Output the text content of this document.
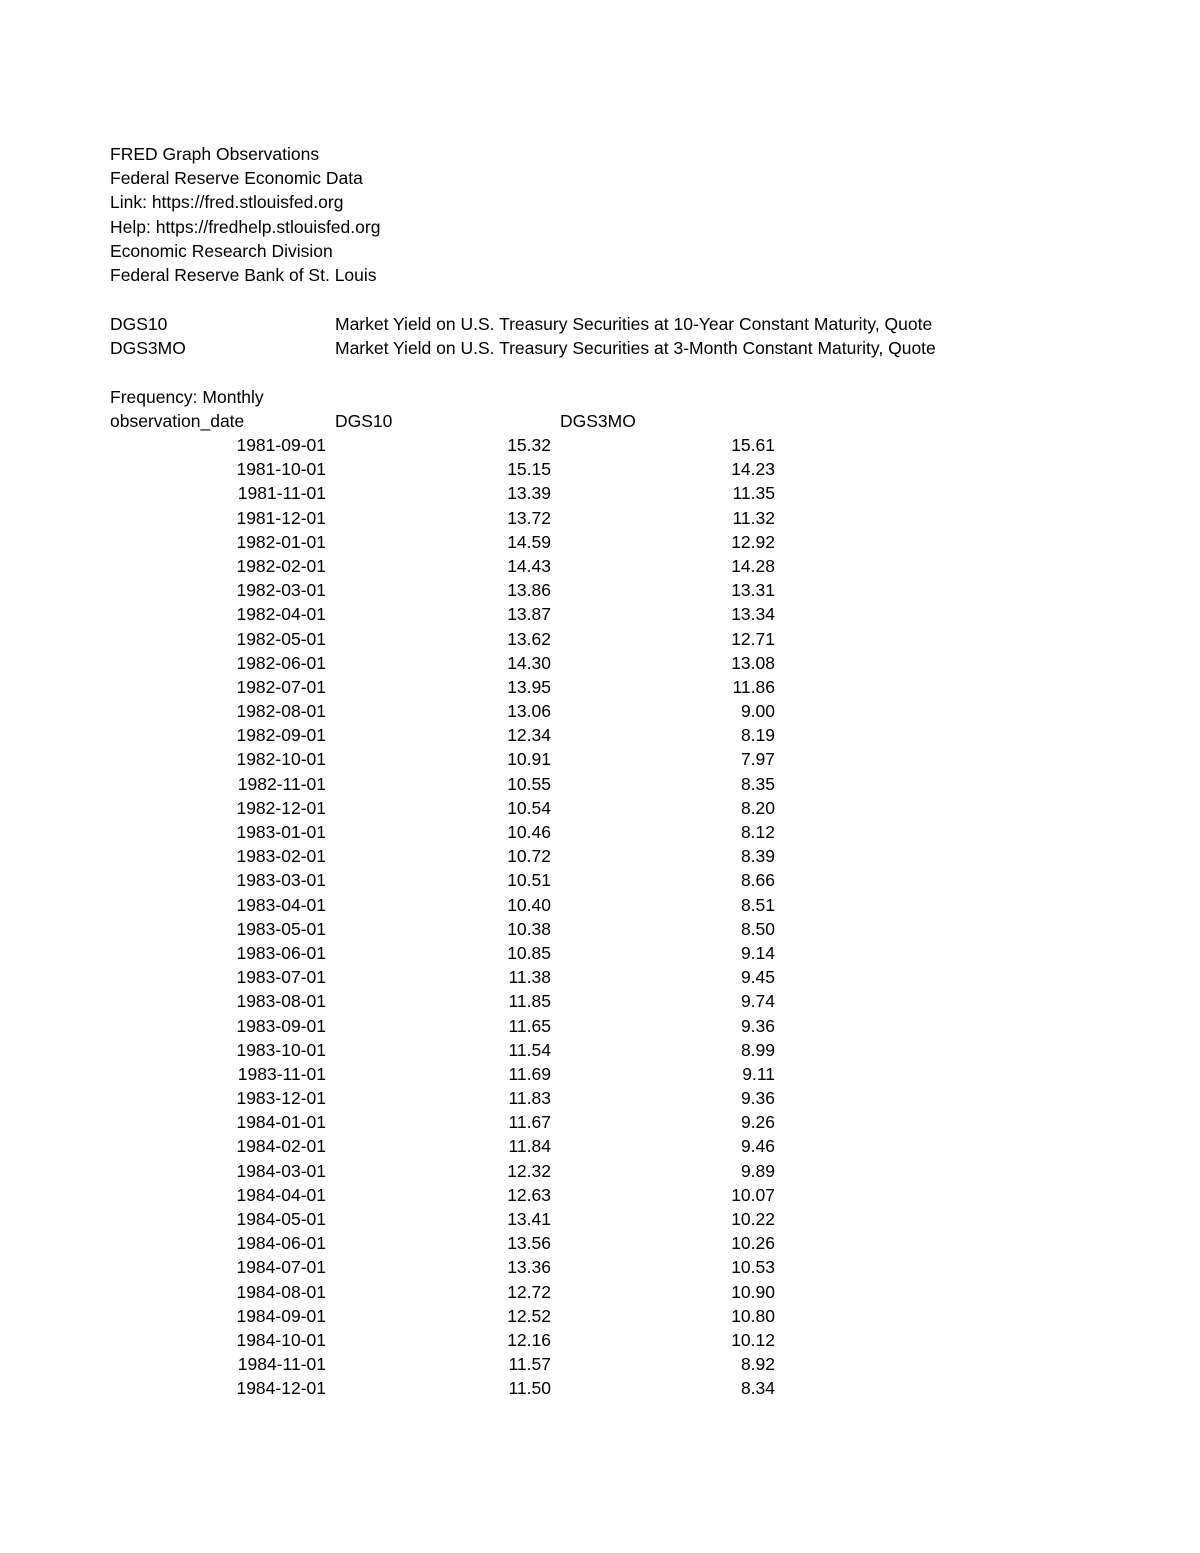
FRED Graph Observations
Federal Reserve Economic Data
Link: https://fred.stlouisfed.org
Help: https://fredhelp.stlouisfed.org
Economic Research Division
Federal Reserve Bank of St. Louis
DGS10	Market Yield on U.S. Treasury Securities at 10-Year Constant Maturity, Quote
DGS3MO	Market Yield on U.S. Treasury Securities at 3-Month Constant Maturity, Quote
Frequency: Monthly
observation_date	DGS10	DGS3MO
1981-09-01	15.32	15.61
1981-10-01	15.15	14.23
1981-11-01	13.39	11.35
1981-12-01	13.72	11.32
1982-01-01	14.59	12.92
1982-02-01	14.43	14.28
1982-03-01	13.86	13.31
1982-04-01	13.87	13.34
1982-05-01	13.62	12.71
1982-06-01	14.30	13.08
1982-07-01	13.95	11.86
1982-08-01	13.06	9.00
1982-09-01	12.34	8.19
1982-10-01	10.91	7.97
1982-11-01	10.55	8.35
1982-12-01	10.54	8.20
1983-01-01	10.46	8.12
1983-02-01	10.72	8.39
1983-03-01	10.51	8.66
1983-04-01	10.40	8.51
1983-05-01	10.38	8.50
1983-06-01	10.85	9.14
1983-07-01	11.38	9.45
1983-08-01	11.85	9.74
1983-09-01	11.65	9.36
1983-10-01	11.54	8.99
1983-11-01	11.69	9.11
1983-12-01	11.83	9.36
1984-01-01	11.67	9.26
1984-02-01	11.84	9.46
1984-03-01	12.32	9.89
1984-04-01	12.63	10.07
1984-05-01	13.41	10.22
1984-06-01	13.56	10.26
1984-07-01	13.36	10.53
1984-08-01	12.72	10.90
1984-09-01	12.52	10.80
1984-10-01	12.16	10.12
1984-11-01	11.57	8.92
1984-12-01	11.50	8.34
